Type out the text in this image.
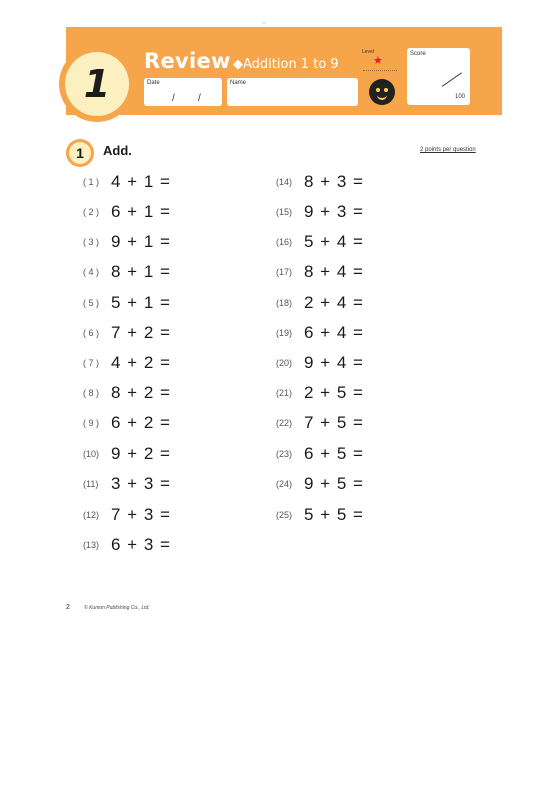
1
Review ◆Addition 1 to 9
Date
/ /
Name
Level
★
Score
100
1	Add.	2 points per question
( 1 ) 4 + 1 =
( 2 ) 6 + 1 =
( 3 ) 9 + 1 =
( 4 ) 8 + 1 =
( 5 ) 5 + 1 =
( 6 ) 7 + 2 =
( 7 ) 4 + 2 =
( 8 ) 8 + 2 =
( 9 ) 6 + 2 =
(10) 9 + 2 =
(11) 3 + 3 =
(12) 7 + 3 =
(13) 6 + 3 =
(14) 8 + 3 =
(15) 9 + 3 =
(16) 5 + 4 =
(17) 8 + 4 =
(18) 2 + 4 =
(19) 6 + 4 =
(20) 9 + 4 =
(21) 2 + 5 =
(22) 7 + 5 =
(23) 6 + 5 =
(24) 9 + 5 =
(25) 5 + 5 =
2	© Kumon Publishing Co., Ltd.
